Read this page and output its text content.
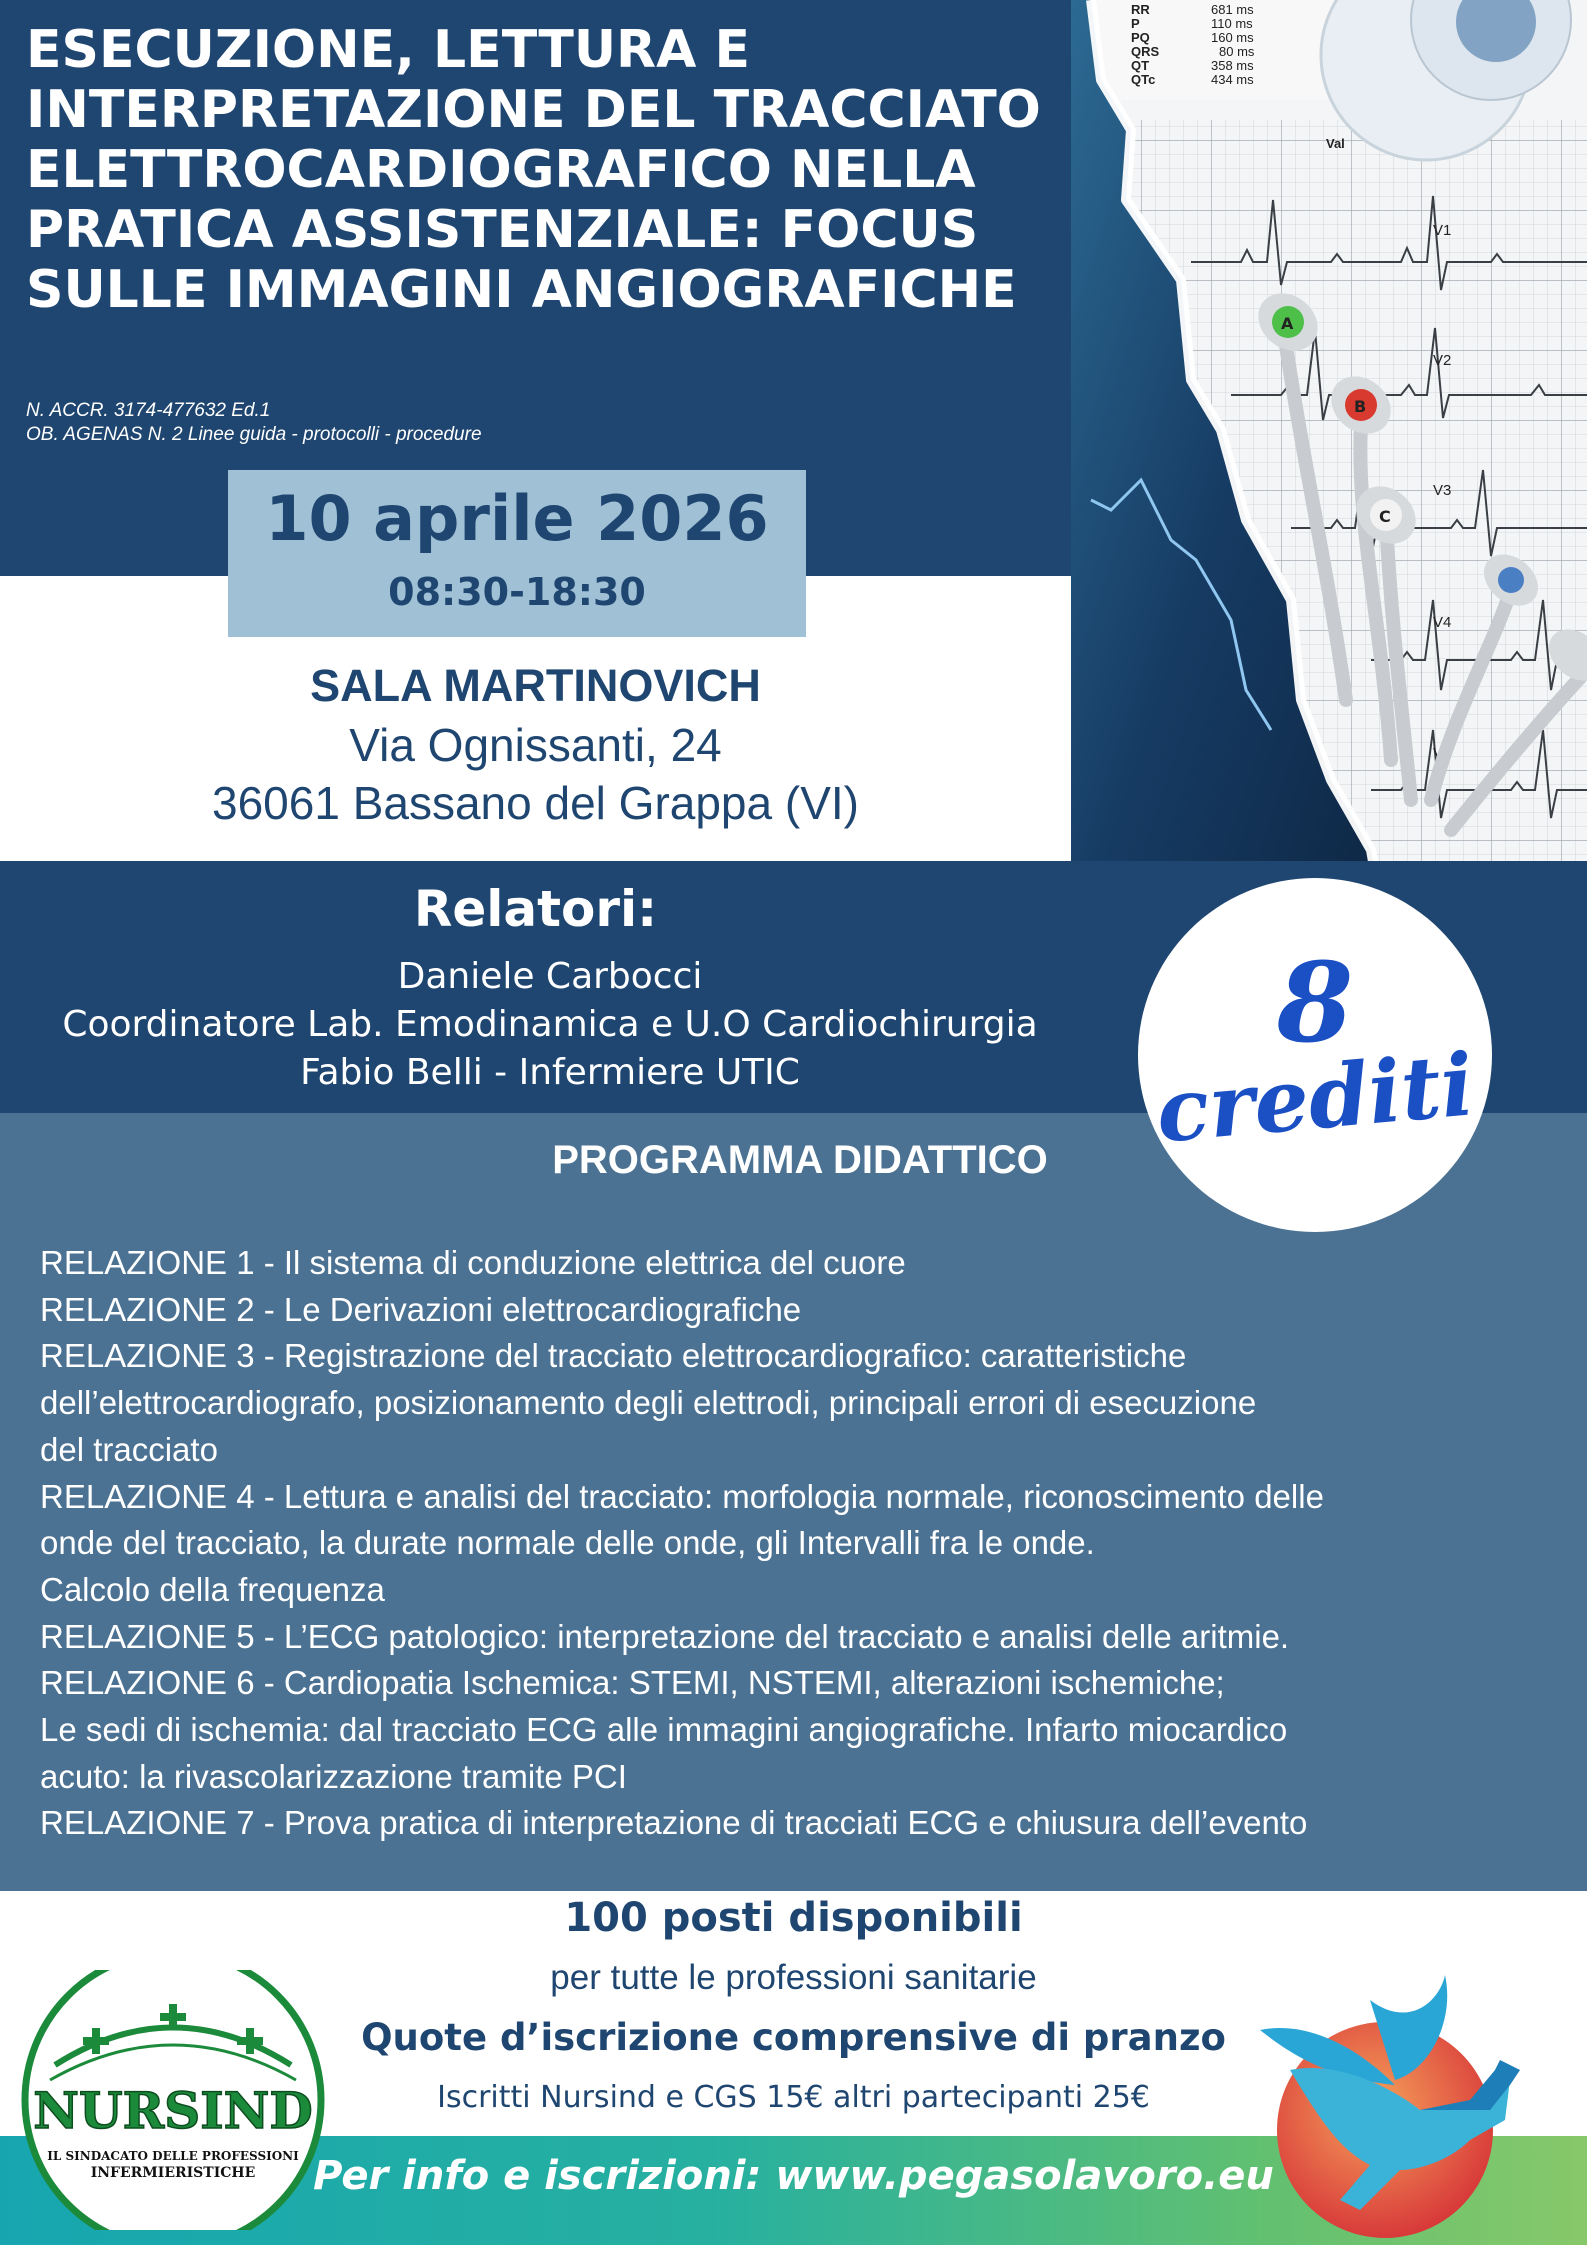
ESECUZIONE, LETTURA E INTERPRETAZIONE DEL TRACCIATO ELETTROCARDIOGRAFICO NELLA PRATICA ASSISTENZIALE: FOCUS SULLE IMMAGINI ANGIOGRAFICHE
N. ACCR. 3174-477632 Ed.1
OB. AGENAS N. 2 Linee guida - protocolli - procedure
SALA MARTINOVICH
Via Ognissanti, 24
36061 Bassano del Grappa (VI)
10 aprile 2026
08:30-18:30
V1
V2
V3
V4
V5
RR
P
PQ
QRS
QT
QTc
681 ms
110 ms
160 ms
80 ms
358 ms
434 ms
Val
A
B
C
Relatori:
Daniele Carbocci
Coordinatore Lab. Emodinamica e U.O Cardiochirurgia
Fabio Belli - Infermiere UTIC
PROGRAMMA DIDATTICO
RELAZIONE 1 - Il sistema di conduzione elettrica del cuore
RELAZIONE 2 - Le Derivazioni elettrocardiografiche
RELAZIONE 3 - Registrazione del tracciato elettrocardiografico: caratteristiche
dell’elettrocardiografo, posizionamento degli elettrodi, principali errori di esecuzione
del tracciato
RELAZIONE 4 - Lettura e analisi del tracciato: morfologia normale, riconoscimento delle
onde del tracciato, la durate normale delle onde, gli Intervalli fra le onde.
Calcolo della frequenza
RELAZIONE 5 - L’ECG patologico: interpretazione del tracciato e analisi delle aritmie.
RELAZIONE 6 - Cardiopatia Ischemica: STEMI, NSTEMI, alterazioni ischemiche;
Le sedi di ischemia: dal tracciato ECG alle immagini angiografiche. Infarto miocardico
acuto: la rivascolarizzazione tramite PCI
RELAZIONE 7 - Prova pratica di interpretazione di tracciati ECG e chiusura dell’evento
8
crediti
100 posti disponibili
per tutte le professioni sanitarie
Quote d’iscrizione comprensive di pranzo
Iscritti Nursind e CGS 15€ altri partecipanti 25€
Per info e iscrizioni: www.pegasolavoro.eu
NURSIND
IL SINDACATO DELLE PROFESSIONI
INFERMIERISTICHE
